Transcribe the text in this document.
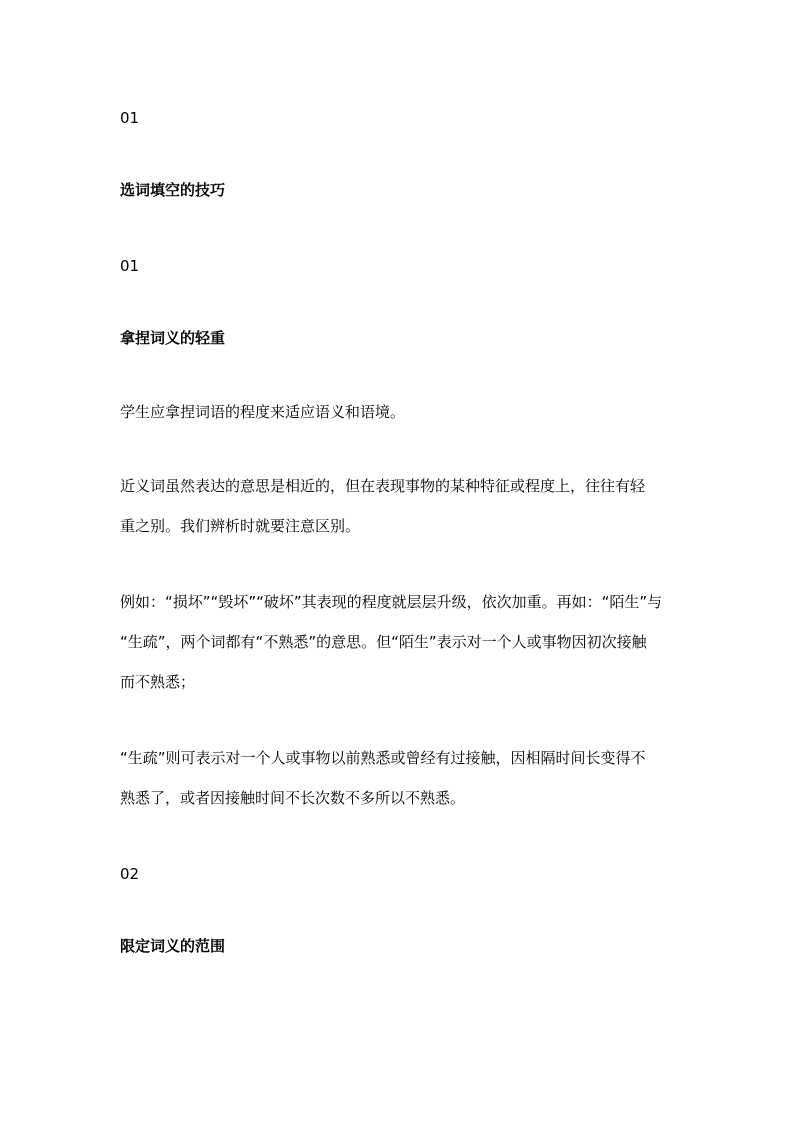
01
选词填空的技巧
01
拿捏词义的轻重
学生应拿捏词语的程度来适应语义和语境。
近义词虽然表达的意思是相近的，但在表现事物的某种特征或程度上，往往有轻
重之别。我们辨析时就要注意区别。
例如：“损坏”“毁坏”“破坏”其表现的程度就层层升级，依次加重。再如：“陌生”与
“生疏”，两个词都有“不熟悉”的意思。但“陌生”表示对一个人或事物因初次接触
而不熟悉；
“生疏”则可表示对一个人或事物以前熟悉或曾经有过接触，因相隔时间长变得不
熟悉了，或者因接触时间不长次数不多所以不熟悉。
02
限定词义的范围
